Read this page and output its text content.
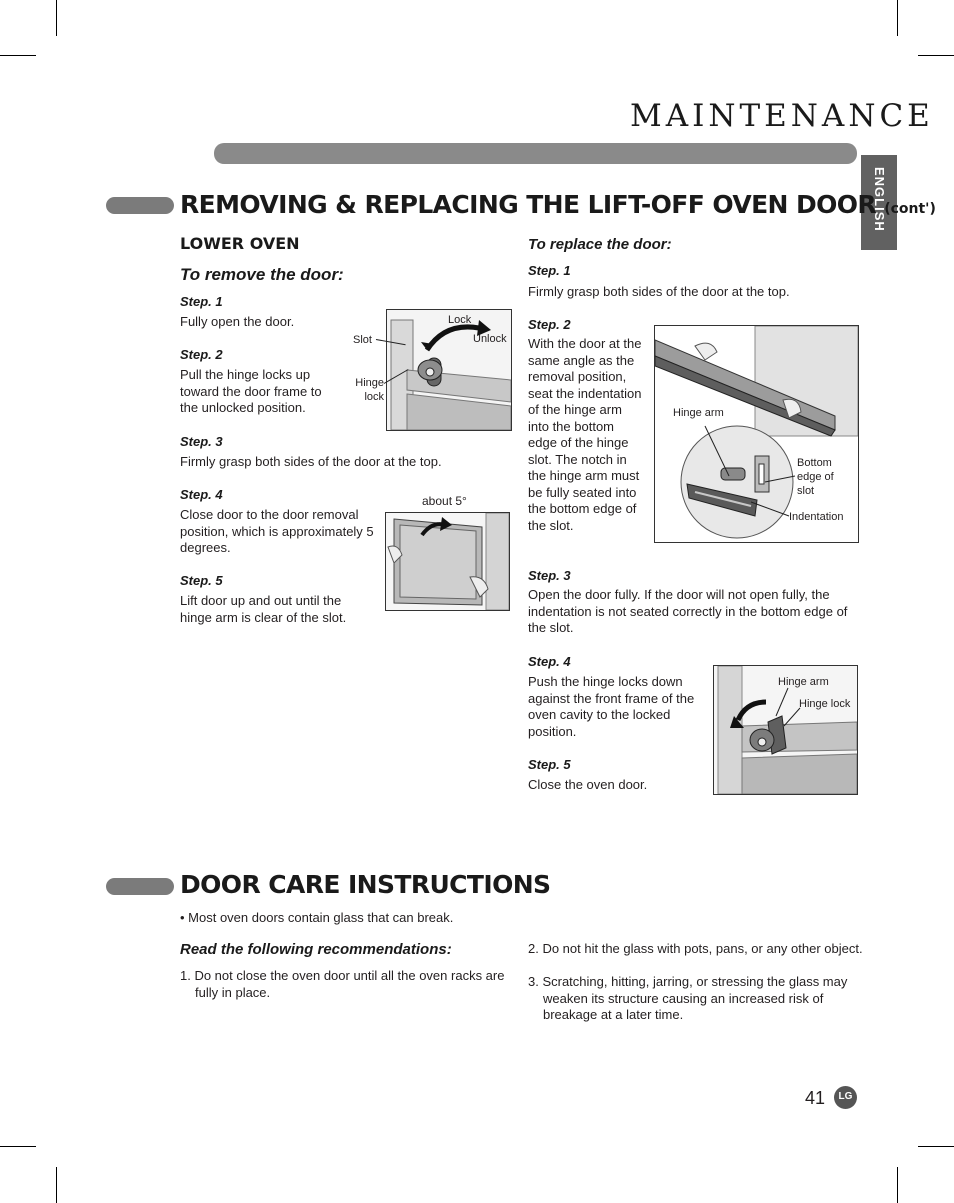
MAINTENANCE
ENGLISH
REMOVING & REPLACING THE LIFT-OFF OVEN DOOR (cont')
LOWER OVEN
To remove the door:
Step. 1
Fully open the door.
Step. 2
Pull the hinge locks up toward the door frame to the unlocked position.
Step. 3
Firmly grasp both sides of the door at the top.
Step. 4
Close door to the door removal position, which is approximately 5 degrees.
Step. 5
Lift door up and out until the hinge arm is clear of the slot.
Lock
Unlock
Slot
Hinge lock
about 5°
To replace the door:
Step. 1
Firmly grasp both sides of the door at the top.
Step. 2
With the door at the same angle as the removal position, seat the indentation of the hinge arm into the bottom edge of the hinge slot. The notch in the hinge arm must be fully seated into the bottom edge of the slot.
Hinge arm
Bottom edge of slot
Indentation
Step. 3
Open the door fully. If the door will not open fully, the indentation is not seated correctly in the bottom edge of the slot.
Step. 4
Push the hinge locks down against the front frame of the oven cavity to the locked position.
Step. 5
Close the oven door.
Hinge arm
Hinge lock
DOOR CARE INSTRUCTIONS
• Most oven doors contain glass that can break.
Read the following recommendations:
1. Do not close the oven door until all the oven racks are fully in place.
2. Do not hit the glass with pots, pans, or any other object.
3. Scratching, hitting, jarring, or stressing the glass may weaken its structure causing an increased risk of breakage at a later time.
41	LG
